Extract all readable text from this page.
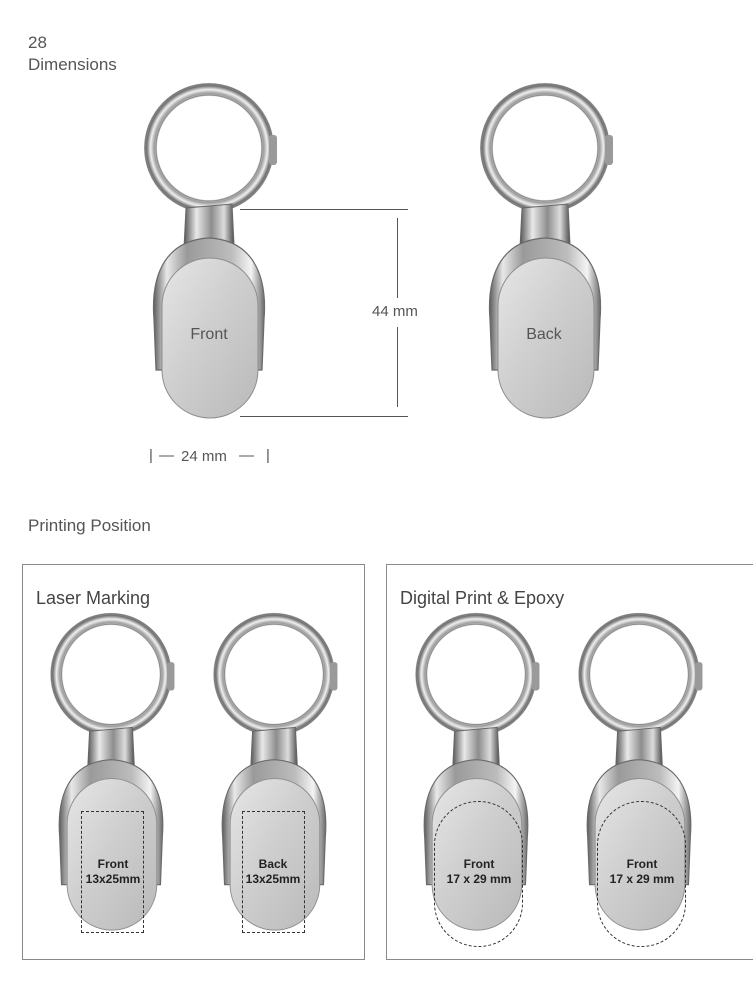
28
Dimensions
Front	Back
44 mm
| — 24 mm — |
Printing Position
Laser Marking
Front
13x25mm
Back
13x25mm
Digital Print & Epoxy
Front
17 x 29 mm
Front
17 x 29 mm
